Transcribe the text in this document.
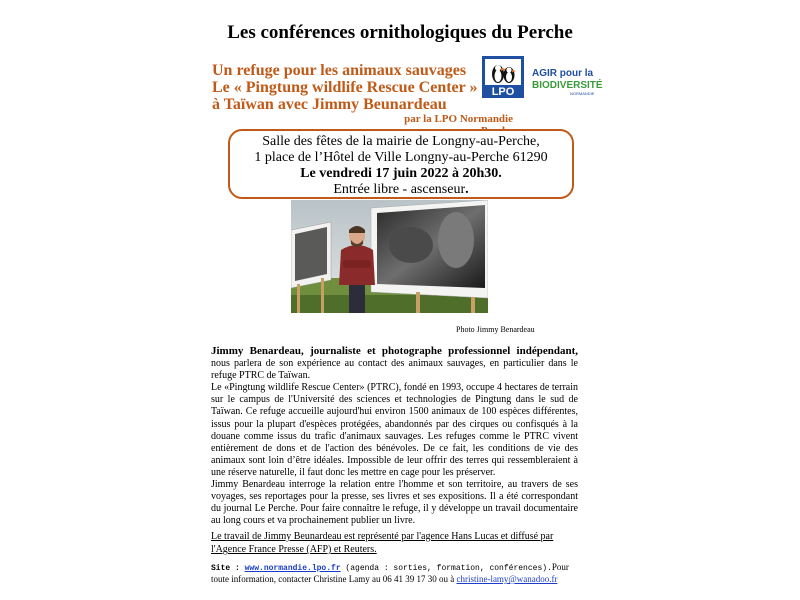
Les conférences ornithologiques du Perche
Un refuge pour les animaux sauvages
Le « Pingtung wildlife Rescue Center »
à Taïwan avec Jimmy Beunardeau
par la LPO Normandie
LPO
AGIR pour la
BIODIVERSITÉ
NORMANDIE
Salle des fêtes de la mairie de Longny-au-Perche,
1 place de l’Hôtel de Ville Longny-au-Perche 61290
Le vendredi 17 juin 2022 à 20h30.
Entrée libre - ascenseur.
Photo Jimmy Benardeau

Jimmy Benardeau, journaliste et photographe professionnel indépendant, nous parlera de son expérience au contact des animaux sauvages, en particulier dans le refuge PTRC de Taïwan.

Le «Pingtung wildlife Rescue Center» (PTRC), fondé en 1993, occupe 4 hectares de terrain sur le campus de l'Université des sciences et technologies de Pingtung dans le sud de Taïwan. Ce refuge accueille aujourd'hui environ 1500 animaux de 100 espèces différentes, issus pour la plupart d'espèces protégées, abandonnés par des cirques ou confisqués à la douane comme issus du trafic d'animaux sauvages. Les refuges comme le PTRC vivent entièrement de dons et de l'action des bénévoles. De ce fait, les conditions de vie des animaux sont loin d’être idéales. Impossible de leur offrir des terres qui ressembleraient à une réserve naturelle, il faut donc les mettre en cage pour les préserver.

Jimmy Benardeau interroge la relation entre l'homme et son territoire, au travers de ses voyages, ses reportages pour la presse, ses livres et ses expositions. Il a été correspondant du journal Le Perche. Pour faire connaître le refuge, il y développe un travail documentaire au long cours et va prochainement publier un livre.

Le travail de Jimmy Beunardeau est représenté par l'agence Hans Lucas et diffusé par l'Agence France Presse (AFP) et Reuters.
Site : www.normandie.lpo.fr (agenda : sorties, formation, conférences).Pour toute information, contacter Christine Lamy au 06 41 39 17 30 ou à christine-lamy@wanadoo.fr
